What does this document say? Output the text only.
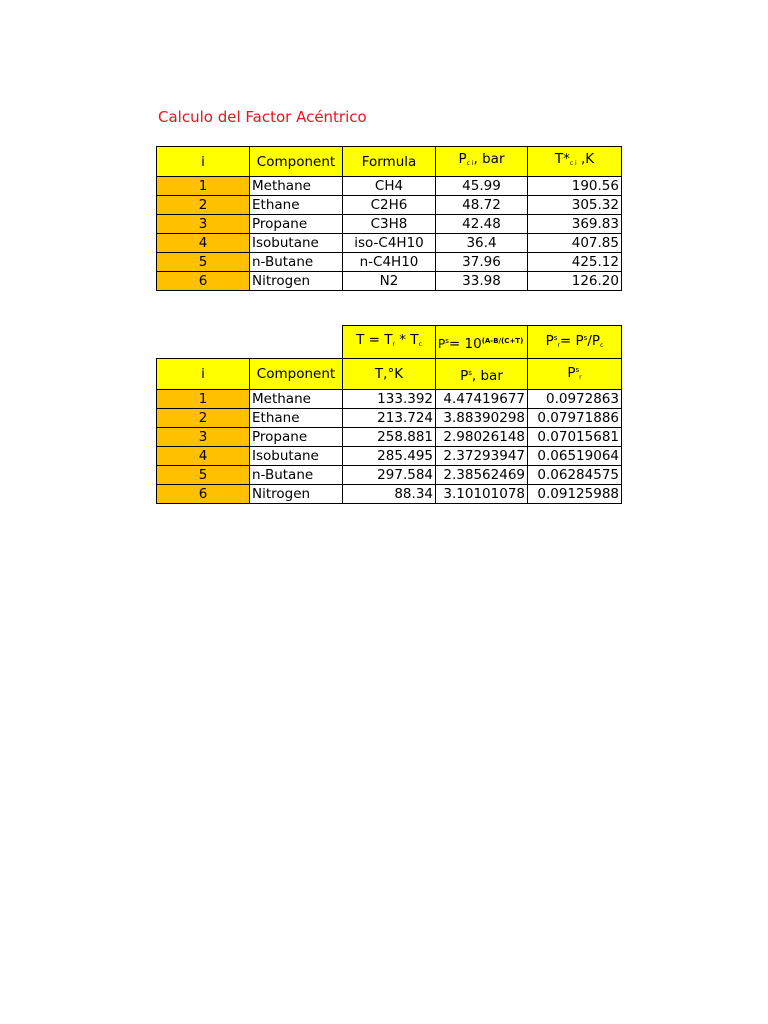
Calculo del Factor Acéntrico
i	Component	Formula	$P_{c i}$, bar	$T*_{c i}$ ,K
1	Methane	CH4	45.99	190.56
2	Ethane	C2H6	48.72	305.32
3	Propane	C3H8	42.48	369.83
4	Isobutane	iso-C4H10	36.4	407.85
5	n-Butane	n-C4H10	37.96	425.12
6	Nitrogen	N2	33.98	126.20
		$T = T_r * T_c$	$P^s= 10^{(A-B/(C+T)}$	$P^s_r= P^s/P_c$
i	Component	T,°K	$P^s$, bar	$P^s_r$
1	Methane	133.392	4.47419677	0.0972863
2	Ethane	213.724	3.88390298	0.07971886
3	Propane	258.881	2.98026148	0.07015681
4	Isobutane	285.495	2.37293947	0.06519064
5	n-Butane	297.584	2.38562469	0.06284575
6	Nitrogen	88.34	3.10101078	0.09125988
